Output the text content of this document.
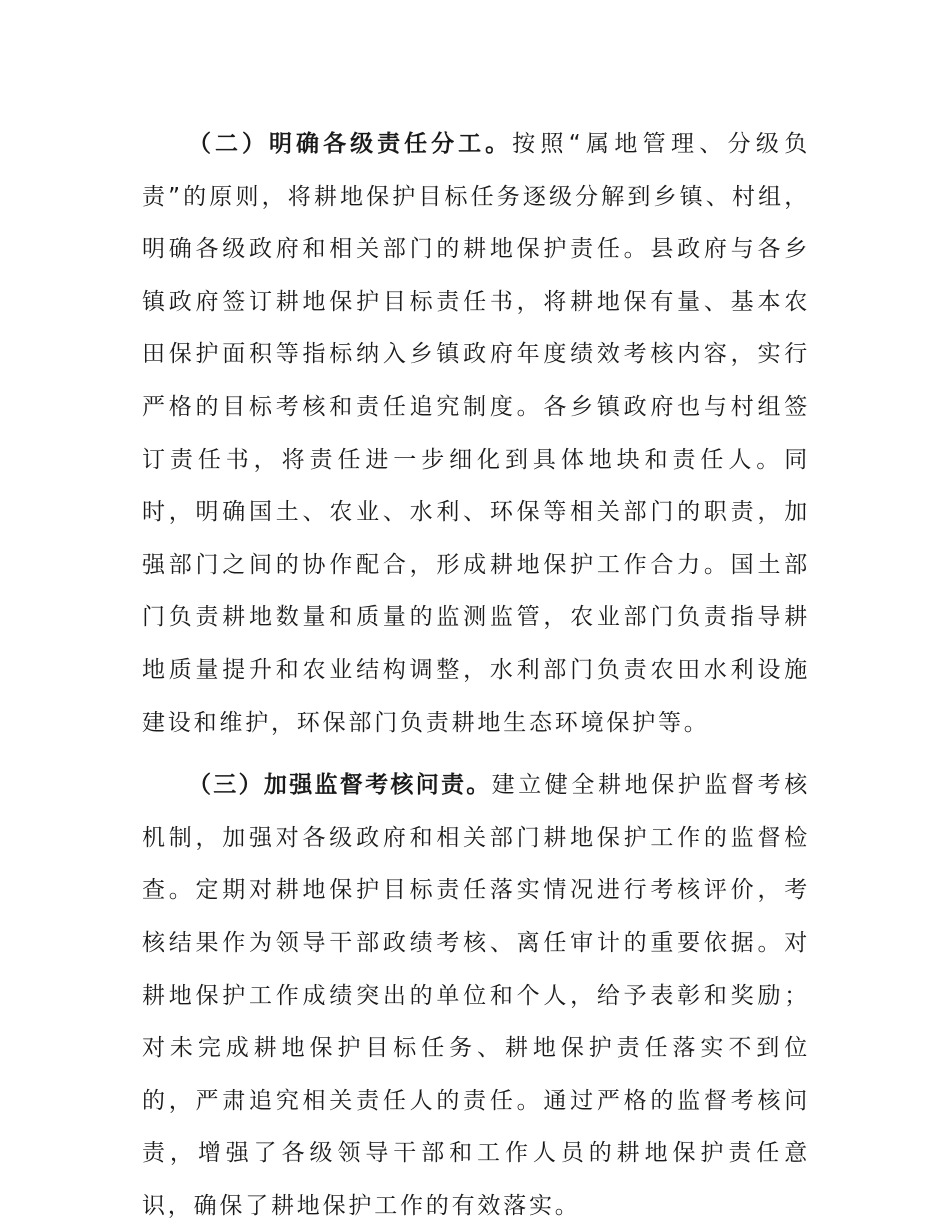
（二）明确各级责任分工。按照“属地管理、分级负责”的原则，将耕地保护目标任务逐级分解到乡镇、村组，明确各级政府和相关部门的耕地保护责任。县政府与各乡镇政府签订耕地保护目标责任书，将耕地保有量、基本农田保护面积等指标纳入乡镇政府年度绩效考核内容，实行严格的目标考核和责任追究制度。各乡镇政府也与村组签订责任书，将责任进一步细化到具体地块和责任人。同时，明确国土、农业、水利、环保等相关部门的职责，加强部门之间的协作配合，形成耕地保护工作合力。国土部门负责耕地数量和质量的监测监管，农业部门负责指导耕地质量提升和农业结构调整，水利部门负责农田水利设施建设和维护，环保部门负责耕地生态环境保护等。

（三）加强监督考核问责。建立健全耕地保护监督考核机制，加强对各级政府和相关部门耕地保护工作的监督检查。定期对耕地保护目标责任落实情况进行考核评价，考核结果作为领导干部政绩考核、离任审计的重要依据。对耕地保护工作成绩突出的单位和个人，给予表彰和奖励；对未完成耕地保护目标任务、耕地保护责任落实不到位的，严肃追究相关责任人的责任。通过严格的监督考核问责，增强了各级领导干部和工作人员的耕地保护责任意识，确保了耕地保护工作的有效落实。
